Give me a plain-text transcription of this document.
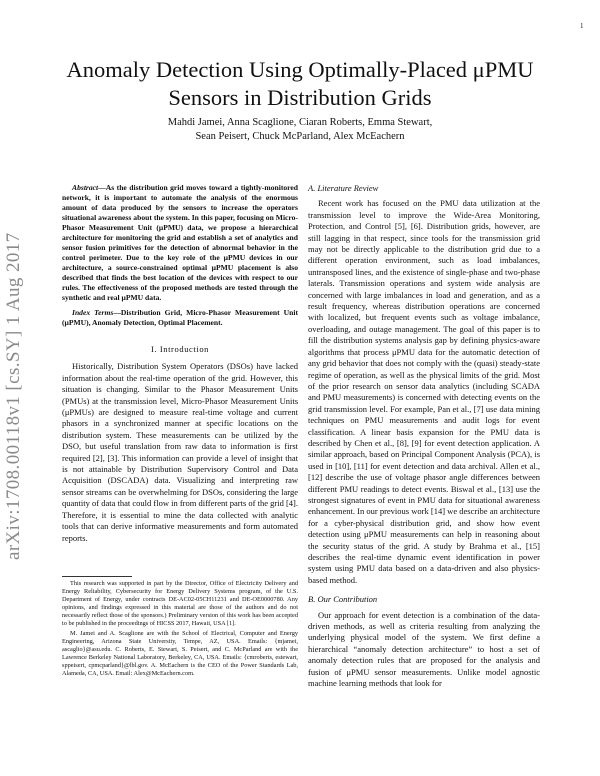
1
arXiv:1708.00118v1 [cs.SY] 1 Aug 2017
Anomaly Detection Using Optimally-Placed μPMU
Sensors in Distribution Grids
Mahdi Jamei, Anna Scaglione, Ciaran Roberts, Emma Stewart,
Sean Peisert, Chuck McParland, Alex McEachern

Abstract—As the distribution grid moves toward a tightly-monitored network, it is important to automate the analysis of the enormous amount of data produced by the sensors to increase the operators situational awareness about the system. In this paper, focusing on Micro-Phasor Measurement Unit (μPMU) data, we propose a hierarchical architecture for monitoring the grid and establish a set of analytics and sensor fusion primitives for the detection of abnormal behavior in the control perimeter. Due to the key role of the μPMU devices in our architecture, a source-constrained optimal μPMU placement is also described that finds the best location of the devices with respect to our rules. The effectiveness of the proposed methods are tested through the synthetic and real μPMU data.

Index Terms—Distribution Grid, Micro-Phasor Measurement Unit (μPMU), Anomaly Detection, Optimal Placement.

I. Introduction

Historically, Distribution System Operators (DSOs) have lacked information about the real-time operation of the grid. However, this situation is changing. Similar to the Phasor Measurement Units (PMUs) at the transmission level, Micro-Phasor Measurement Units (μPMUs) are designed to measure real-time voltage and current phasors in a synchronized manner at specific locations on the distribution system. These measurements can be utilized by the DSO, but useful translation from raw data to information is first required [2], [3]. This information can provide a level of insight that is not attainable by Distribution Supervisory Control and Data Acquisition (DSCADA) data. Visualizing and interpreting raw sensor streams can be overwhelming for DSOs, considering the large quantity of data that could flow in from different parts of the grid [4]. Therefore, it is essential to mine the data collected with analytic tools that can derive informative measurements and form automated reports.

This research was supported in part by the Director, Office of Electricity Delivery and Energy Reliability, Cybersecurity for Energy Delivery Systems program, of the U.S. Department of Energy, under contracts DE-AC02-05CH11231 and DE-OE0000780. Any opinions, and findings expressed in this material are those of the authors and do not necessarily reflect those of the sponsors.) Preliminary version of this work has been accepted to be published in the proceedings of HICSS 2017, Hawaii, USA [1].

M. Jamei and A. Scaglione are with the School of Electrical, Computer and Energy Engineering, Arizona State University, Tempe, AZ, USA. Emails: {mjamei, ascaglio}@asu.edu. C. Roberts, E. Stewart, S. Peisert, and C. McParland are with the Lawrence Berkeley National Laboratory, Berkeley, CA, USA. Emails: {cmroberts, estewart, sppeisert, cpmcparland}@lbl.gov. A. McEachern is the CEO of the Power Standards Lab, Alameda, CA, USA. Email: Alex@McEachern.com.

A. Literature Review

Recent work has focused on the PMU data utilization at the transmission level to improve the Wide-Area Monitoring, Protection, and Control [5], [6]. Distribution grids, however, are still lagging in that respect, since tools for the transmission grid may not be directly applicable to the distribution grid due to a different operation environment, such as load imbalances, untransposed lines, and the existence of single-phase and two-phase laterals. Transmission operations and system wide analysis are concerned with large imbalances in load and generation, and as a result frequency, whereas distribution operations are concerned with localized, but frequent events such as voltage imbalance, overloading, and outage management. The goal of this paper is to fill the distribution systems analysis gap by defining physics-aware algorithms that process μPMU data for the automatic detection of any grid behavior that does not comply with the (quasi) steady-state regime of operation, as well as the physical limits of the grid. Most of the prior research on sensor data analytics (including SCADA and PMU measurements) is concerned with detecting events on the grid transmission level. For example, Pan et al., [7] use data mining techniques on PMU measurements and audit logs for event classification. A linear basis expansion for the PMU data is described by Chen et al., [8], [9] for event detection application. A similar approach, based on Principal Component Analysis (PCA), is used in [10], [11] for event detection and data archival. Allen et al., [12] describe the use of voltage phasor angle differences between different PMU readings to detect events. Biswal et al., [13] use the strongest signatures of event in PMU data for situational awareness enhancement. In our previous work [14] we describe an architecture for a cyber-physical distribution grid, and show how event detection using μPMU measurements can help in reasoning about the security status of the grid. A study by Brahma et al., [15] describes the real-time dynamic event identification in power system using PMU data based on a data-driven and also physics-based method.

B. Our Contribution

Our approach for event detection is a combination of the data-driven methods, as well as criteria resulting from analyzing the underlying physical model of the system. We first define a hierarchical “anomaly detection architecture” to host a set of anomaly detection rules that are proposed for the analysis and fusion of μPMU sensor measurements. Unlike model agnostic machine learning methods that look for
